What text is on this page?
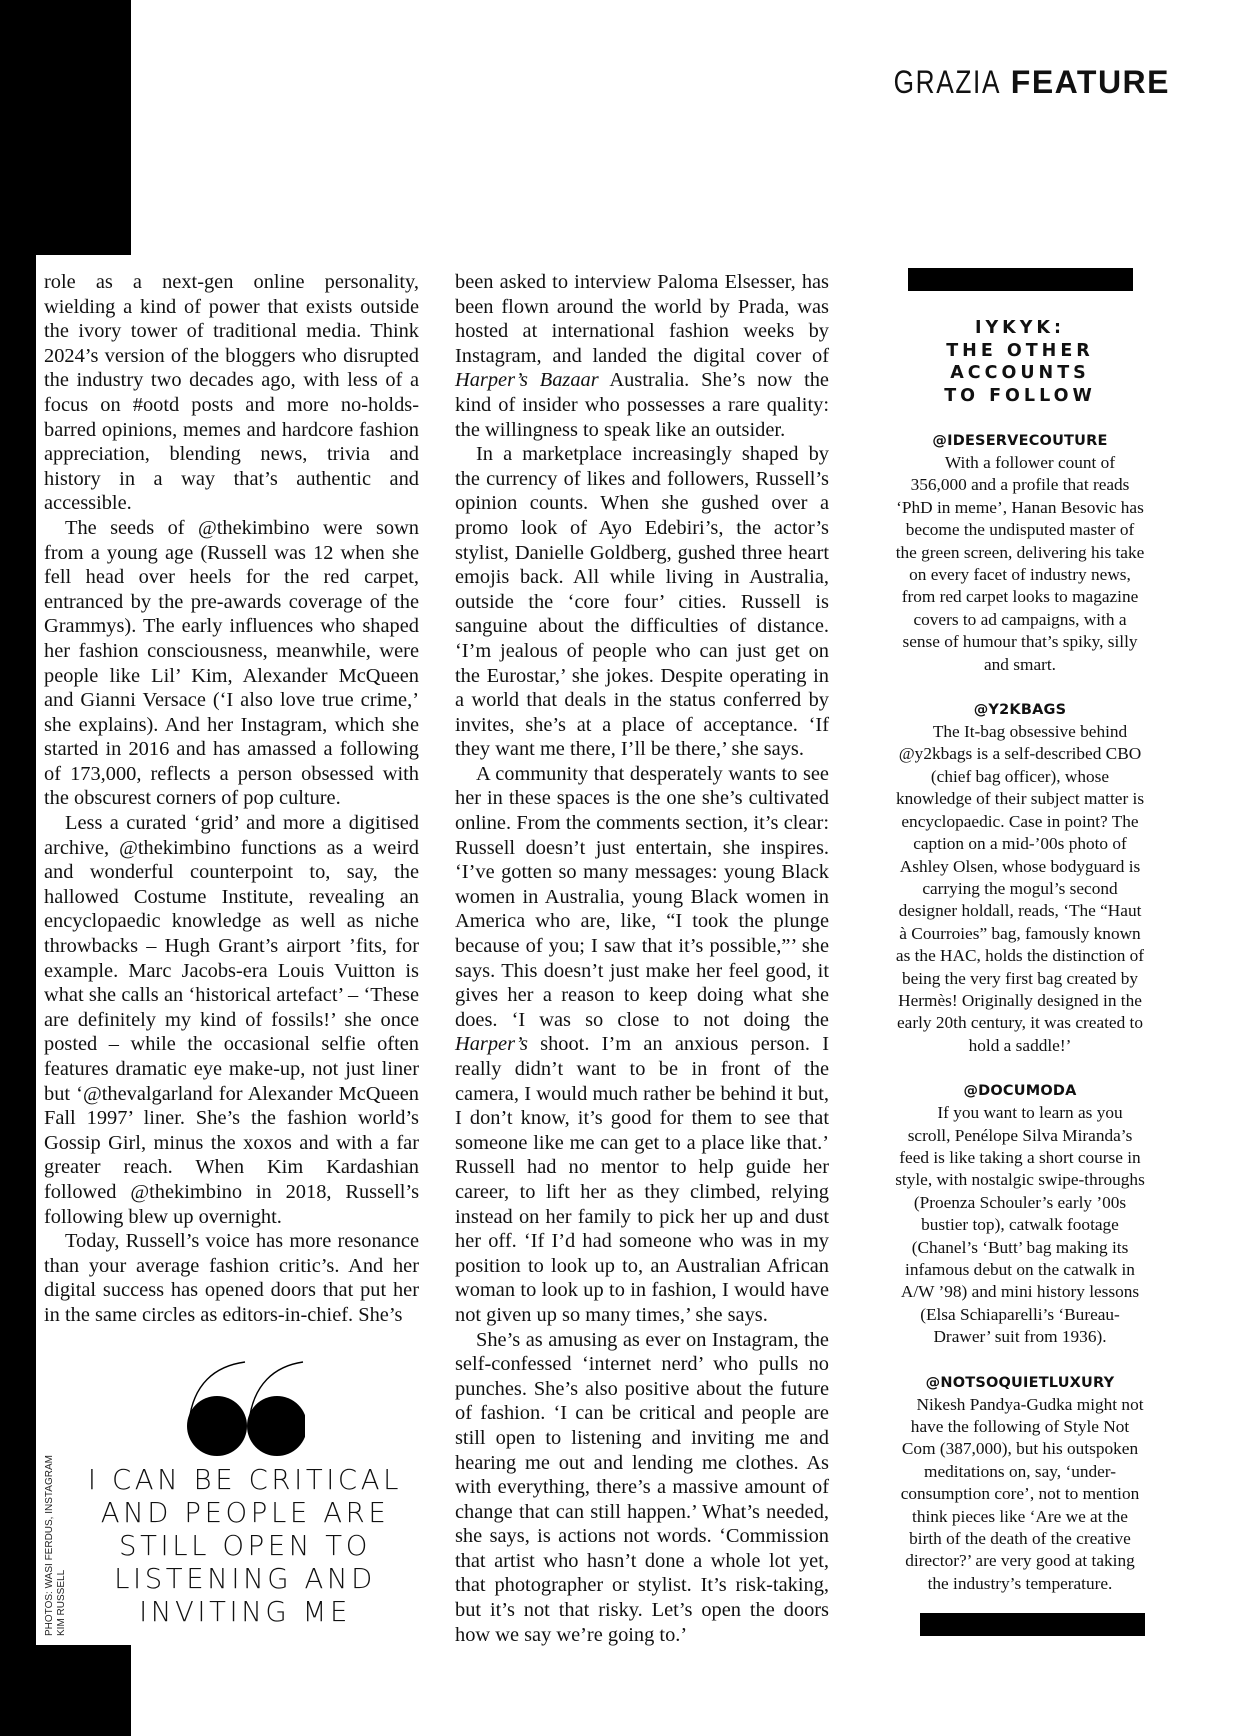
GRAZIA FEATURE

role as a next-gen online personality, wielding a kind of power that exists outside the ivory tower of traditional media. Think 2024’s version of the bloggers who disrupted the industry two decades ago, with less of a focus on #ootd posts and more no-holds-barred opinions, memes and hardcore fashion appreciation, blending news, trivia and history in a way that’s authentic and accessible.

The seeds of @thekimbino were sown from a young age (Russell was 12 when she fell head over heels for the red carpet, entranced by the pre-awards coverage of the Grammys). The early influences who shaped her fashion consciousness, meanwhile, were people like Lil’ Kim, Alexander McQueen and Gianni Versace (‘I also love true crime,’ she explains). And her Instagram, which she started in 2016 and has amassed a following of 173,000, reflects a person obsessed with the obscurest corners of pop culture.

Less a curated ‘grid’ and more a digitised archive, @thekimbino functions as a weird and wonderful counterpoint to, say, the hallowed Costume Institute, revealing an encyclopaedic knowledge as well as niche throwbacks – Hugh Grant’s airport ’fits, for example. Marc Jacobs-era Louis Vuitton is what she calls an ‘historical artefact’ – ‘These are definitely my kind of fossils!’ she once posted – while the occasional selfie often features dramatic eye make-up, not just liner but ‘@thevalgarland for Alexander McQueen Fall 1997’ liner. She’s the fashion world’s Gossip Girl, minus the xoxos and with a far greater reach. When Kim Kardashian followed @thekimbino in 2018, Russell’s following blew up overnight.

Today, Russell’s voice has more resonance than your average fashion critic’s. And her digital success has opened doors that put her in the same circles as editors-in-chief. She’s

I CAN BE CRITICAL AND PEOPLE ARE STILL OPEN TO LISTENING AND INVITING ME
PHOTOS: WASI FERDUS, INSTAGRAM KIM RUSSELL

been asked to interview Paloma Elsesser, has been flown around the world by Prada, was hosted at international fashion weeks by Instagram, and landed the digital cover of Harper’s Bazaar Australia. She’s now the kind of insider who possesses a rare quality: the willingness to speak like an outsider.

In a marketplace increasingly shaped by the currency of likes and followers, Russell’s opinion counts. When she gushed over a promo look of Ayo Edebiri’s, the actor’s stylist, Danielle Goldberg, gushed three heart emojis back. All while living in Australia, outside the ‘core four’ cities. Russell is sanguine about the difficulties of distance. ‘I’m jealous of people who can just get on the Eurostar,’ she jokes. Despite operating in a world that deals in the status conferred by invites, she’s at a place of acceptance. ‘If they want me there, I’ll be there,’ she says.

A community that desperately wants to see her in these spaces is the one she’s cultivated online. From the comments section, it’s clear: Russell doesn’t just entertain, she inspires. ‘I’ve gotten so many messages: young Black women in Australia, young Black women in America who are, like, “I took the plunge because of you; I saw that it’s possible,”’ she says. This doesn’t just make her feel good, it gives her a reason to keep doing what she does. ‘I was so close to not doing the Harper’s shoot. I’m an anxious person. I really didn’t want to be in front of the camera, I would much rather be behind it but, I don’t know, it’s good for them to see that someone like me can get to a place like that.’ Russell had no mentor to help guide her career, to lift her as they climbed, relying instead on her family to pick her up and dust her off. ‘If I’d had someone who was in my position to look up to, an Australian African woman to look up to in fashion, I would have not given up so many times,’ she says.

She’s as amusing as ever on Instagram, the self-confessed ‘internet nerd’ who pulls no punches. She’s also positive about the future of fashion. ‘I can be critical and people are still open to listening and inviting me and hearing me out and lending me clothes. As with everything, there’s a massive amount of change that can still happen.’ What’s needed, she says, is actions not words. ‘Commission that artist who hasn’t done a whole lot yet, that photographer or stylist. It’s risk-taking, but it’s not that risky. Let’s open the doors how we say we’re going to.’

IYKYK:
THE OTHER
ACCOUNTS
TO FOLLOW

@IDESERVECOUTURE

With a follower count of 356,000 and a profile that reads ‘PhD in meme’, Hanan Besovic has become the undisputed master of the green screen, delivering his take on every facet of industry news, from red carpet looks to magazine covers to ad campaigns, with a sense of humour that’s spiky, silly and smart.

@Y2KBAGS

The It-bag obsessive behind @y2kbags is a self-described CBO (chief bag officer), whose knowledge of their subject matter is encyclopaedic. Case in point? The caption on a mid-’00s photo of Ashley Olsen, whose bodyguard is carrying the mogul’s second designer holdall, reads, ‘The “Haut à Courroies” bag, famously known as the HAC, holds the distinction of being the very first bag created by Hermès! Originally designed in the early 20th century, it was created to hold a saddle!’

@DOCUMODA

If you want to learn as you scroll, Penélope Silva Miranda’s feed is like taking a short course in style, with nostalgic swipe-throughs (Proenza Schouler’s early ’00s bustier top), catwalk footage (Chanel’s ‘Butt’ bag making its infamous debut on the catwalk in A/W ’98) and mini history lessons (Elsa Schiaparelli’s ‘Bureau-Drawer’ suit from 1936).

@NOTSOQUIETLUXURY

Nikesh Pandya-Gudka might not have the following of Style Not Com (387,000), but his outspoken meditations on, say, ‘under-consumption core’, not to mention think pieces like ‘Are we at the birth of the death of the creative director?’ are very good at taking the industry’s temperature.
